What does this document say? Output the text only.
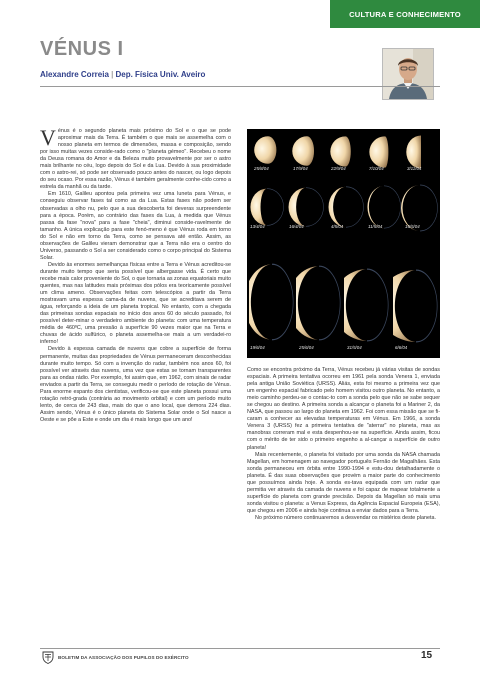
CULTURA E CONHECIMENTO
VÉNUS I
Alexandre Correia | Dep. Física Univ. Aveiro

Vénus é o segundo planeta mais próximo do Sol e o que se pode aproximar mais da Terra. É também o que mais se assemelha com o nosso planeta em termos de dimensões, massa e composição, sendo por isso muitas vezes conside-rado como o "planeta gémeo". Recebeu o nome da Deusa romana do Amor e da Beleza muito provavelmente por ser o astro mais brilhante no céu, logo depois do Sol e da Lua. Devido à sua proximidade com o astro-rei, só pode ser observado pouco antes do nascer, ou logo depois do seu ocaso. Por essa razão, Vénus é também geralmente conhe-cido como a estrela da manhã ou da tarde.

Em 1610, Galileu apontou pela primeira vez uma luneta para Vénus, e conseguiu observar fases tal como as da Lua. Estas fases não podem ser observadas a olho nu, pelo que a sua descoberta foi deveras surpreendente para a época. Porém, ao contrário das fases da Lua, à medida que Vénus passa da fase "nova" para a fase "cheia", diminui conside-ravelmente de tamanho. A única explicação para este fenó-meno é que Vénus roda em torno do Sol e não em torno da Terra, como se pensava até então. Assim, as observações de Galileu vieram demonstrar que a Terra não era o centro do Universo, passando o Sol a ser considerado como o corpo principal do Sistema Solar.

Devido às enormes semelhanças físicas entre a Terra e Vénus acreditou-se durante muito tempo que seria possível que albergasse vida. É certo que recebe mais calor proveniente do Sol, o que tornaria as zonas equatoriais muito quentes, mas nas latitudes mais próximas dos pólos era teoricamente possível um clima ameno. Observações feitas com telescópios a partir da Terra mostravam uma espessa cama-da de nuvens, que se acreditava serem de água, reforçando a ideia de um planeta tropical. No entanto, com a chegada das primeiras sondas espaciais no início dos anos 60 do século passado, foi possível deter-minar o verdadeiro ambiente do planeta: com uma temperatura média de 460ºC, uma pressão à superfície 90 vezes maior que na Terra e chuvas de ácido sulfúrico, o planeta assemelha-se mais a um verdadei-ro inferno!

Devido à espessa camada de nuvens que cobre a superfície de forma permanente, muitas das propriedades de Vénus permaneceram desconhecidas durante muito tempo. Só com a invenção do radar, também nos anos 60, foi possível ver através das nuvens, uma vez que estas se tornam transparentes para as ondas rádio. Por exemplo, foi assim que, em 1962, com sinais de radar enviados a partir da Terra, se conseguiu medir o período de rotação de Vénus. Para enorme espanto dos cientistas, verificou-se que este planeta possui uma rotação retró-grada (contrária ao movimento orbital) e com um período muito lento, de cerca de 243 dias, mais do que o ano local, que demora 224 dias. Assim sendo, Vénus é o único planeta do Sistema Solar onde o Sol nasce a Oeste e se põe a Este e onde um dia é mais longo que um ano!

25/8/04	17/9/04	22/9/04	7/10/04	3/11/04
13/4/04	16/4/04	4/5/04	11/5/04	16/5/04
19/6/04	25/6/04	31/5/04	6/6/04

Como se encontra próximo da Terra, Vénus recebeu já várias visitas de sondas espaciais. A primeira tentativa ocorreu em 1961 pela sonda Venera 1, enviada pela antiga União Soviética (URSS). Aliás, esta foi mesmo a primeira vez que um engenho espacial fabricado pelo homem visitou outro planeta. No entanto, a meio caminho perdeu-se o contac-to com a sonda pelo que não se sabe sequer se chegou ao destino. A primeira sonda a alcançar o planeta foi a Mariner 2, da NASA, que passou ao largo do planeta em 1962. Foi com essa missão que se fi-caram a conhecer as elevadas temperaturas em Vénus. Em 1966, a sonda Venera 3 (URSS) fez a primeira tentativa de "aterrar" no planeta, mas as manobras correram mal e esta despenhou-se na superfície. Ainda assim, ficou com o mérito de ter sido o primeiro engenho a al-cançar a superfície de outro planeta!

Mais recentemente, o planeta foi visitado por uma sonda da NASA chamada Magellan, em homenagem ao navegador português Fernão de Magalhães. Esta sonda permaneceu em órbita entre 1990-1994 e estu-dou detalhadamente o planeta. É das suas observações que provém a maior parte do conhecimento que possuímos ainda hoje. A sonda es-tava equipada com um radar que permitia ver através da camada de nuvens e foi capaz de mapear totalmente a superfície do planeta com grande precisão. Depois da Magellan só mais uma sonda visitou o planeta: a Venus Express, da Agência Espacial Europeia (ESA), que chegou em 2006 e ainda hoje continua a enviar dados para a Terra.

No próximo número continuaremos a desvendar os mistérios deste planeta.

BOLETIM DA ASSOCIAÇÃO DOS PUPILOS DO EXÉRCITO	15
